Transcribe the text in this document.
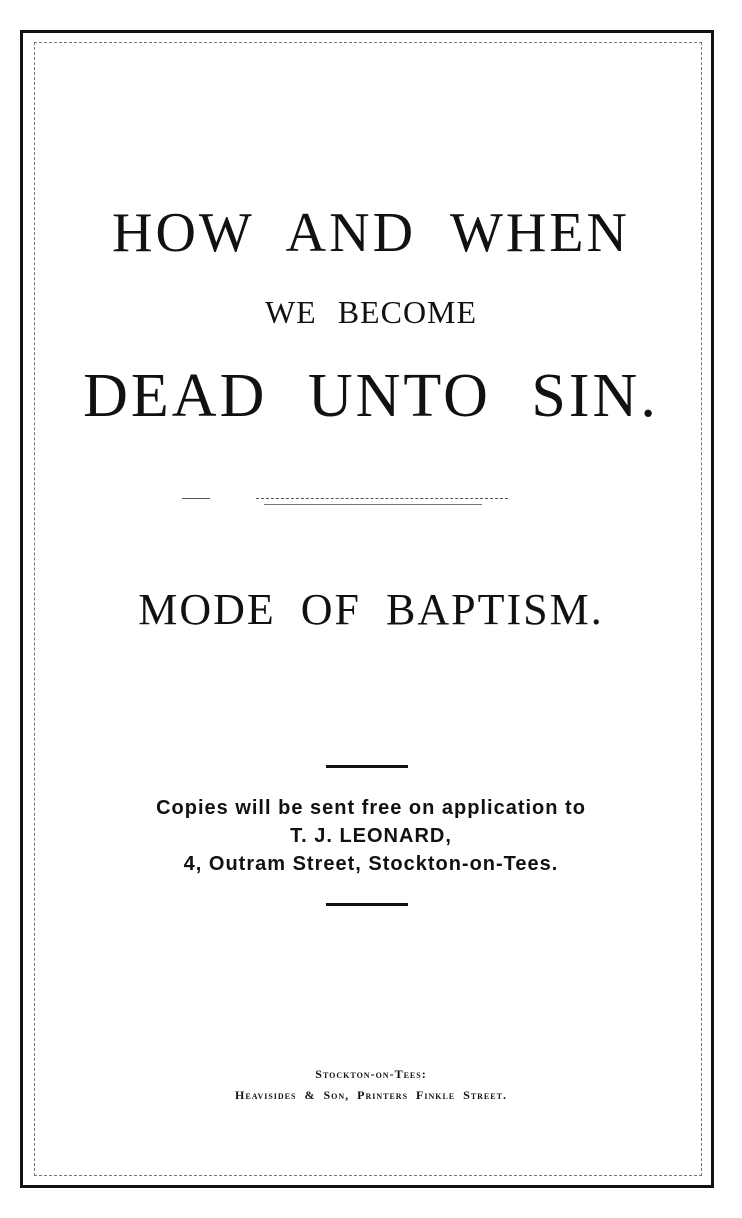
HOW AND WHEN
WE BECOME
DEAD UNTO SIN.
MODE OF BAPTISM.
Copies will be sent free on application to
T. J. LEONARD,
4, Outram Street, Stockton-on-Tees.
Stockton-on-Tees:
Heavisides & Son, Printers Finkle Street.
